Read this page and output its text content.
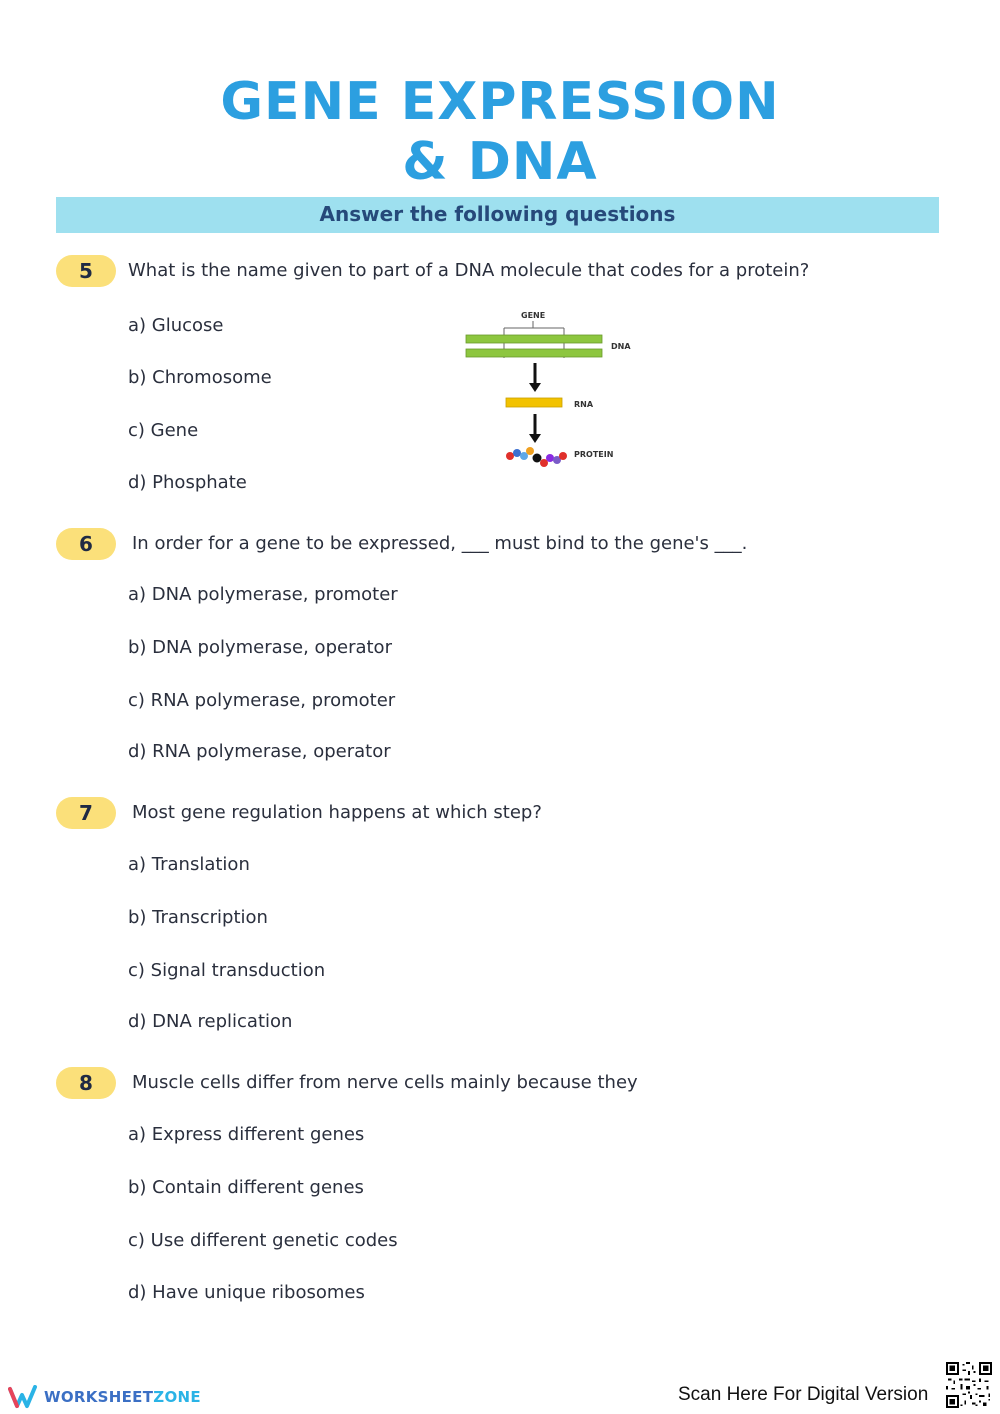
GENE EXPRESSION
& DNA
Answer the following questions
5	What is the name given to part of a DNA molecule that codes for a protein?
a) Glucose
b) Chromosome
c) Gene
d) Phosphate
GENE
DNA
RNA
PROTEIN
6	In order for a gene to be expressed, ___ must bind to the gene's ___.
a) DNA polymerase, promoter
b) DNA polymerase, operator
c) RNA polymerase, promoter
d) RNA polymerase, operator
7	Most gene regulation happens at which step?
a) Translation
b) Transcription
c) Signal transduction
d) DNA replication
8	Muscle cells differ from nerve cells mainly because they
a) Express different genes
b) Contain different genes
c) Use different genetic codes
d) Have unique ribosomes
WORKSHEETZONE	Scan Here For Digital Version
